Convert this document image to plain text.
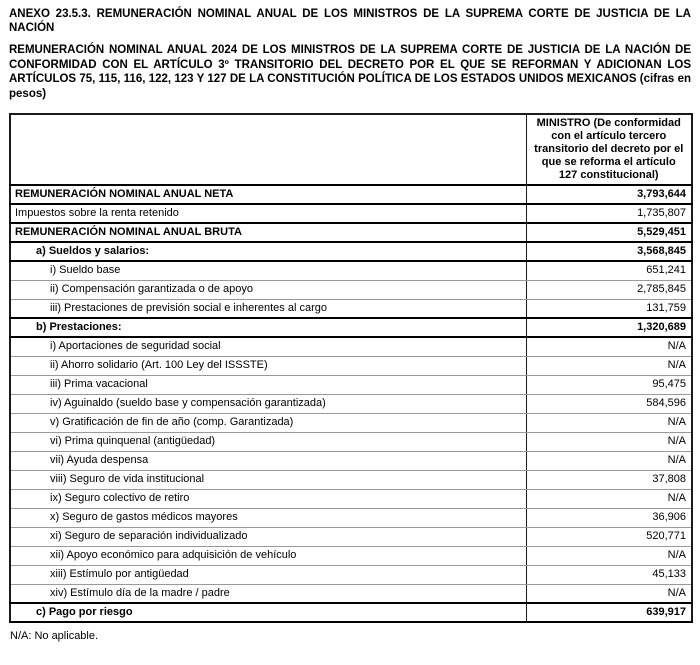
ANEXO 23.5.3. REMUNERACIÓN NOMINAL ANUAL DE LOS MINISTROS DE LA SUPREMA CORTE DE JUSTICIA DE LA NACIÓN

REMUNERACIÓN NOMINAL ANUAL 2024 DE LOS MINISTROS DE LA SUPREMA CORTE DE JUSTICIA DE LA NACIÓN DE CONFORMIDAD CON EL ARTÍCULO 3º TRANSITORIO DEL DECRETO POR EL QUE SE REFORMAN Y ADICIONAN LOS ARTÍCULOS 75, 115, 116, 122, 123 Y 127 DE LA CONSTITUCIÓN POLÍTICA DE LOS ESTADOS UNIDOS MEXICANOS (cifras en pesos)

	MINISTRO (De conformidad con el artículo tercero transitorio del decreto por el que se reforma el artículo 127 constitucional)
REMUNERACIÓN NOMINAL ANUAL NETA	3,793,644
Impuestos sobre la renta retenido	1,735,807
REMUNERACIÓN NOMINAL ANUAL BRUTA	5,529,451
a) Sueldos y salarios:	3,568,845
i) Sueldo base	651,241
ii) Compensación garantizada o de apoyo	2,785,845
iii) Prestaciones de previsión social e inherentes al cargo	131,759
b) Prestaciones:	1,320,689
i) Aportaciones de seguridad social	N/A
ii) Ahorro solidario (Art. 100 Ley del ISSSTE)	N/A
iii) Prima vacacional	95,475
iv) Aguinaldo (sueldo base y compensación garantizada)	584,596
v) Gratificación de fin de año (comp. Garantizada)	N/A
vi) Prima quinquenal (antigüedad)	N/A
vii) Ayuda despensa	N/A
viii) Seguro de vida institucional	37,808
ix) Seguro colectivo de retiro	N/A
x) Seguro de gastos médicos mayores	36,906
xi) Seguro de separación individualizado	520,771
xii) Apoyo económico para adquisición de vehículo	N/A
xiii) Estímulo por antigüedad	45,133
xiv) Estímulo día de la madre / padre	N/A
c) Pago por riesgo	639,917

N/A: No aplicable.
